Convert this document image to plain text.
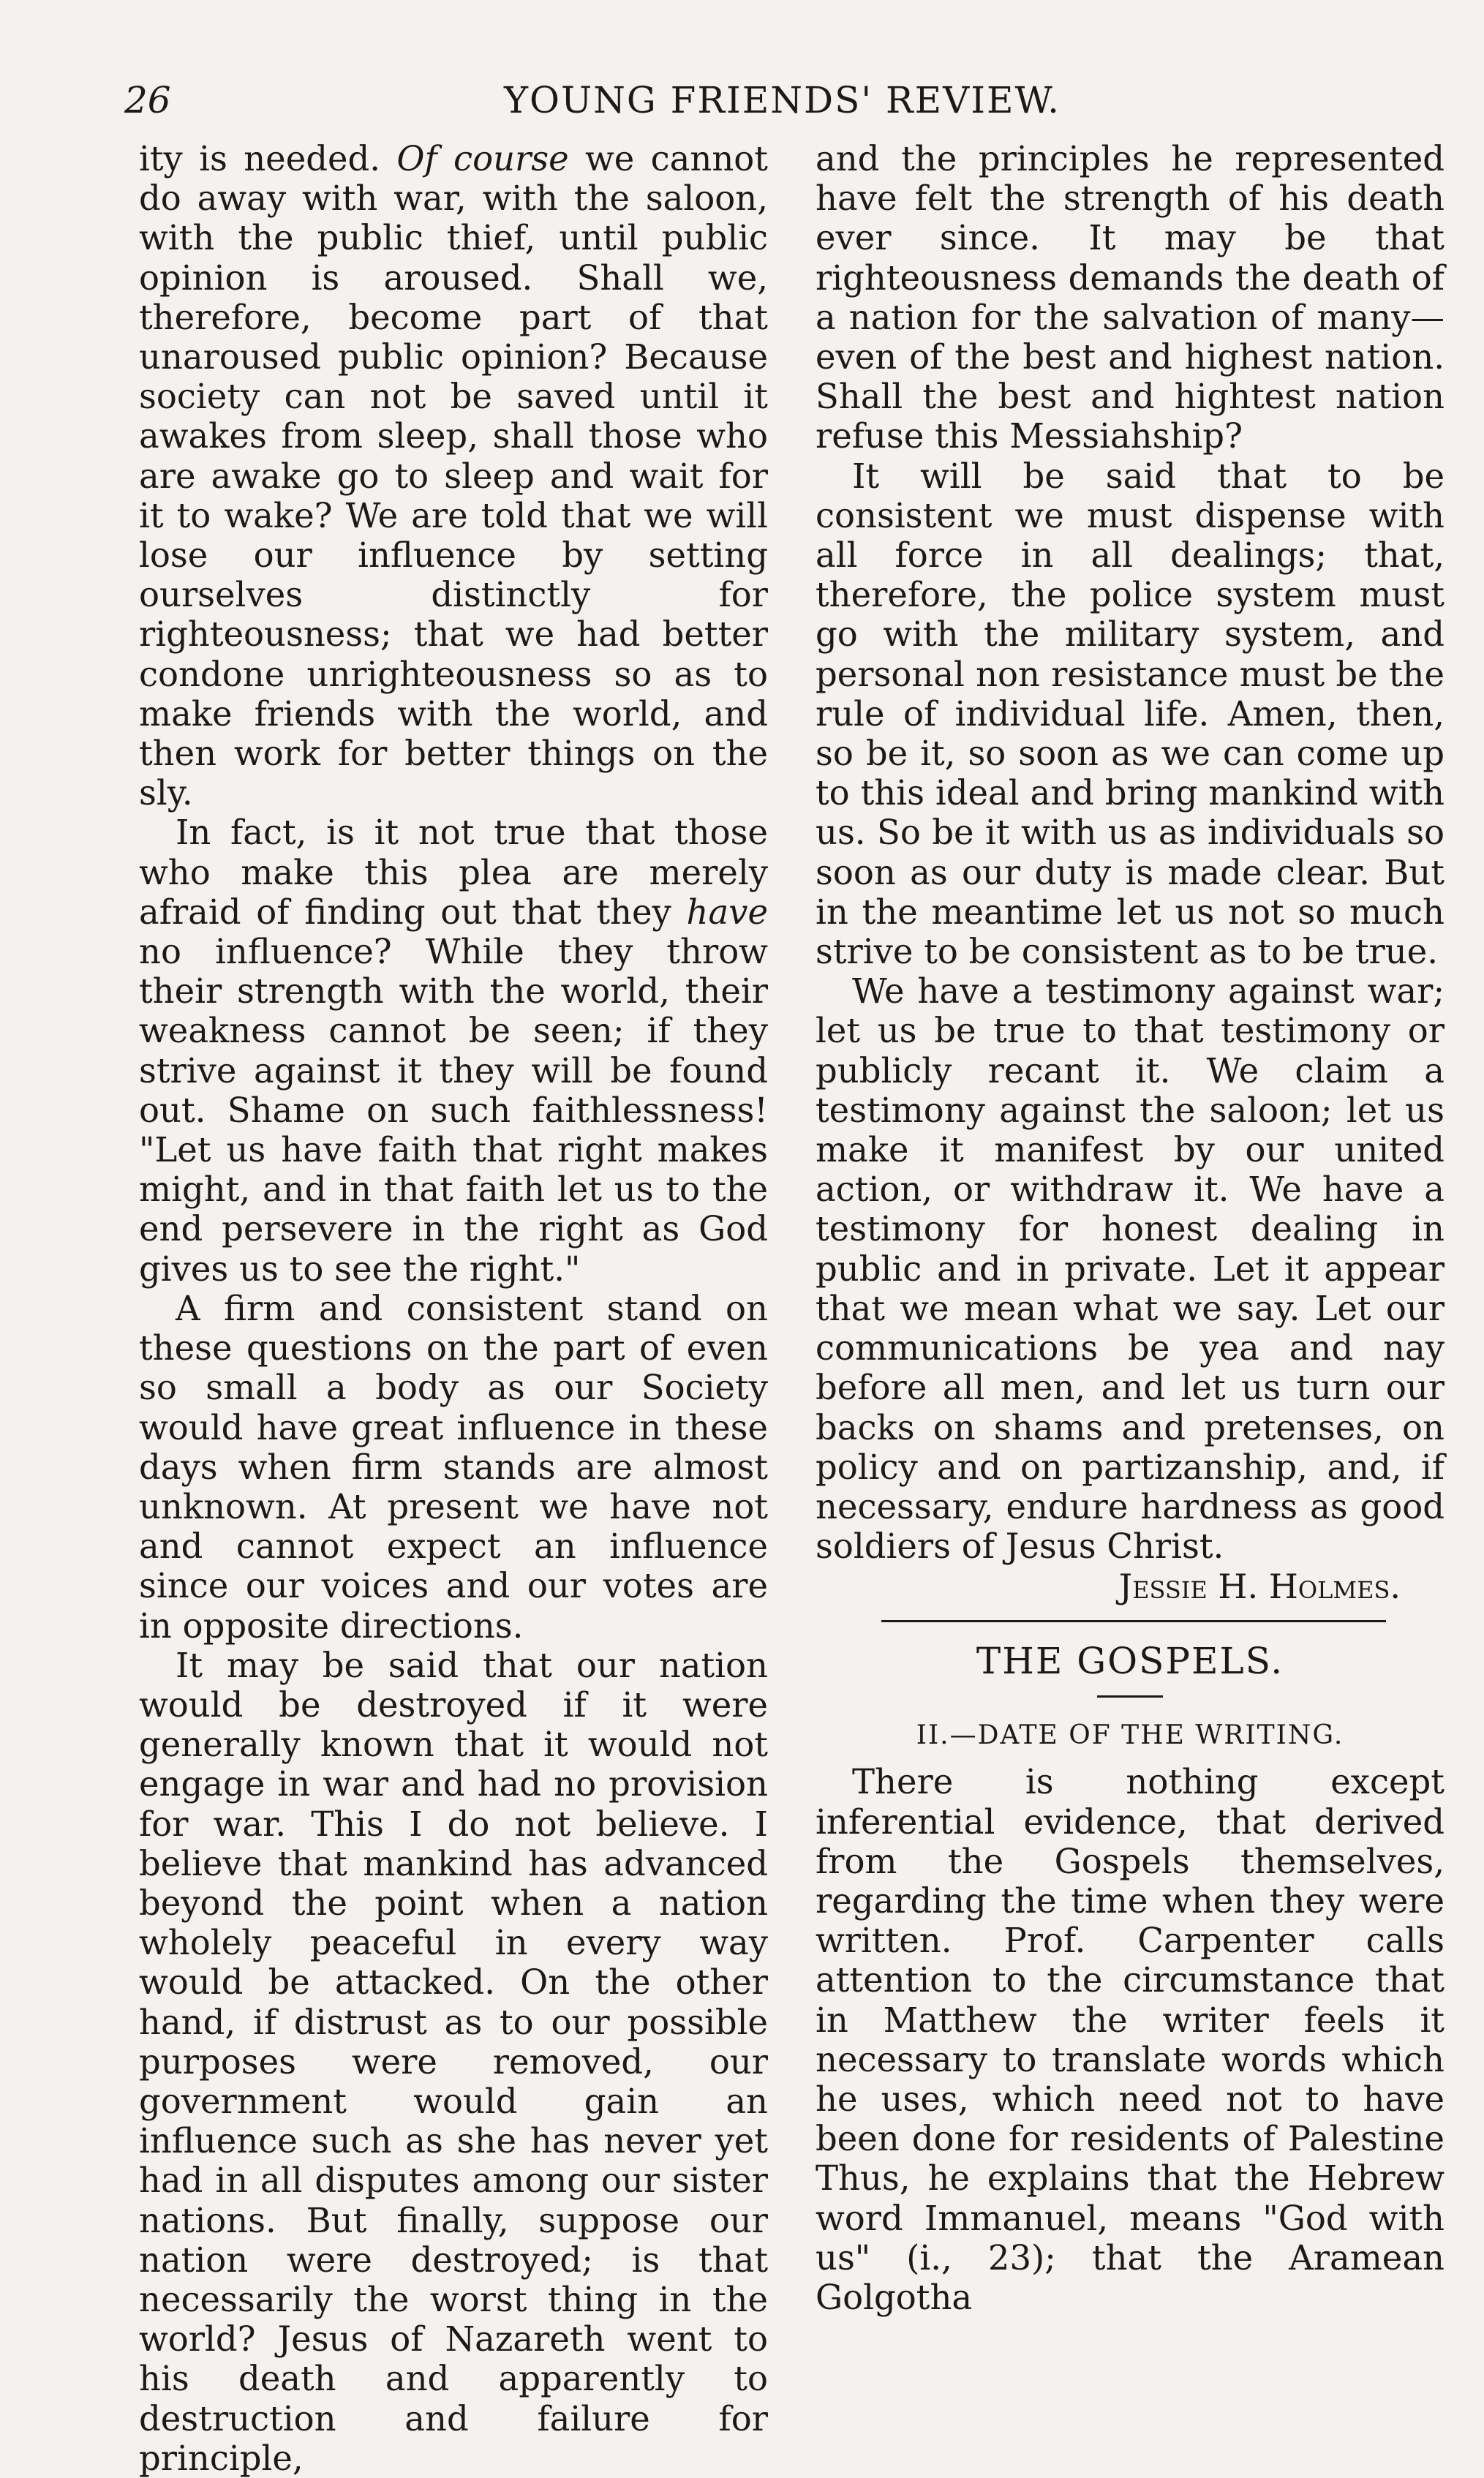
26	YOUNG FRIENDS' REVIEW.

ity is needed. Of course we cannot do away with war, with the saloon, with the public thief, until public opinion is aroused. Shall we, therefore, become part of that unaroused public opinion? Because society can not be saved until it awakes from sleep, shall those who are awake go to sleep and wait for it to wake? We are told that we will lose our influence by setting ourselves distinctly for righteousness; that we had better condone unrighteousness so as to make friends with the world, and then work for better things on the sly.

In fact, is it not true that those who make this plea are merely afraid of finding out that they have no influence? While they throw their strength with the world, their weakness cannot be seen; if they strive against it they will be found out. Shame on such faithlessness! "Let us have faith that right makes might, and in that faith let us to the end persevere in the right as God gives us to see the right."

A firm and consistent stand on these questions on the part of even so small a body as our Society would have great influence in these days when firm stands are almost unknown. At present we have not and cannot expect an influence since our voices and our votes are in opposite directions.

It may be said that our nation would be destroyed if it were generally known that it would not engage in war and had no provision for war. This I do not believe. I believe that mankind has advanced beyond the point when a nation wholely peaceful in every way would be attacked. On the other hand, if distrust as to our possible purposes were removed, our government would gain an influence such as she has never yet had in all disputes among our sister nations. But finally, suppose our nation were destroyed; is that necessarily the worst thing in the world? Jesus of Nazareth went to his death and apparently to destruction and failure for principle,

and the principles he represented have felt the strength of his death ever since. It may be that righteousness demands the death of a nation for the salvation of many—even of the best and highest nation. Shall the best and hightest nation refuse this Messiahship?

It will be said that to be consistent we must dispense with all force in all dealings; that, therefore, the police system must go with the military system, and personal non resistance must be the rule of individual life. Amen, then, so be it, so soon as we can come up to this ideal and bring mankind with us. So be it with us as individuals so soon as our duty is made clear. But in the meantime let us not so much strive to be consistent as to be true.

We have a testimony against war; let us be true to that testimony or publicly recant it. We claim a testimony against the saloon; let us make it manifest by our united action, or withdraw it. We have a testimony for honest dealing in public and in private. Let it appear that we mean what we say. Let our communications be yea and nay before all men, and let us turn our backs on shams and pretenses, on policy and on partizanship, and, if necessary, endure hardness as good soldiers of Jesus Christ.

Jessie H. Holmes.
THE GOSPELS.
II.—DATE OF THE WRITING.

There is nothing except inferential evidence, that derived from the Gospels themselves, regarding the time when they were written. Prof. Carpenter calls attention to the circumstance that in Matthew the writer feels it necessary to translate words which he uses, which need not to have been done for residents of Palestine Thus, he explains that the Hebrew word Immanuel, means "God with us" (i., 23); that the Aramean Golgotha
